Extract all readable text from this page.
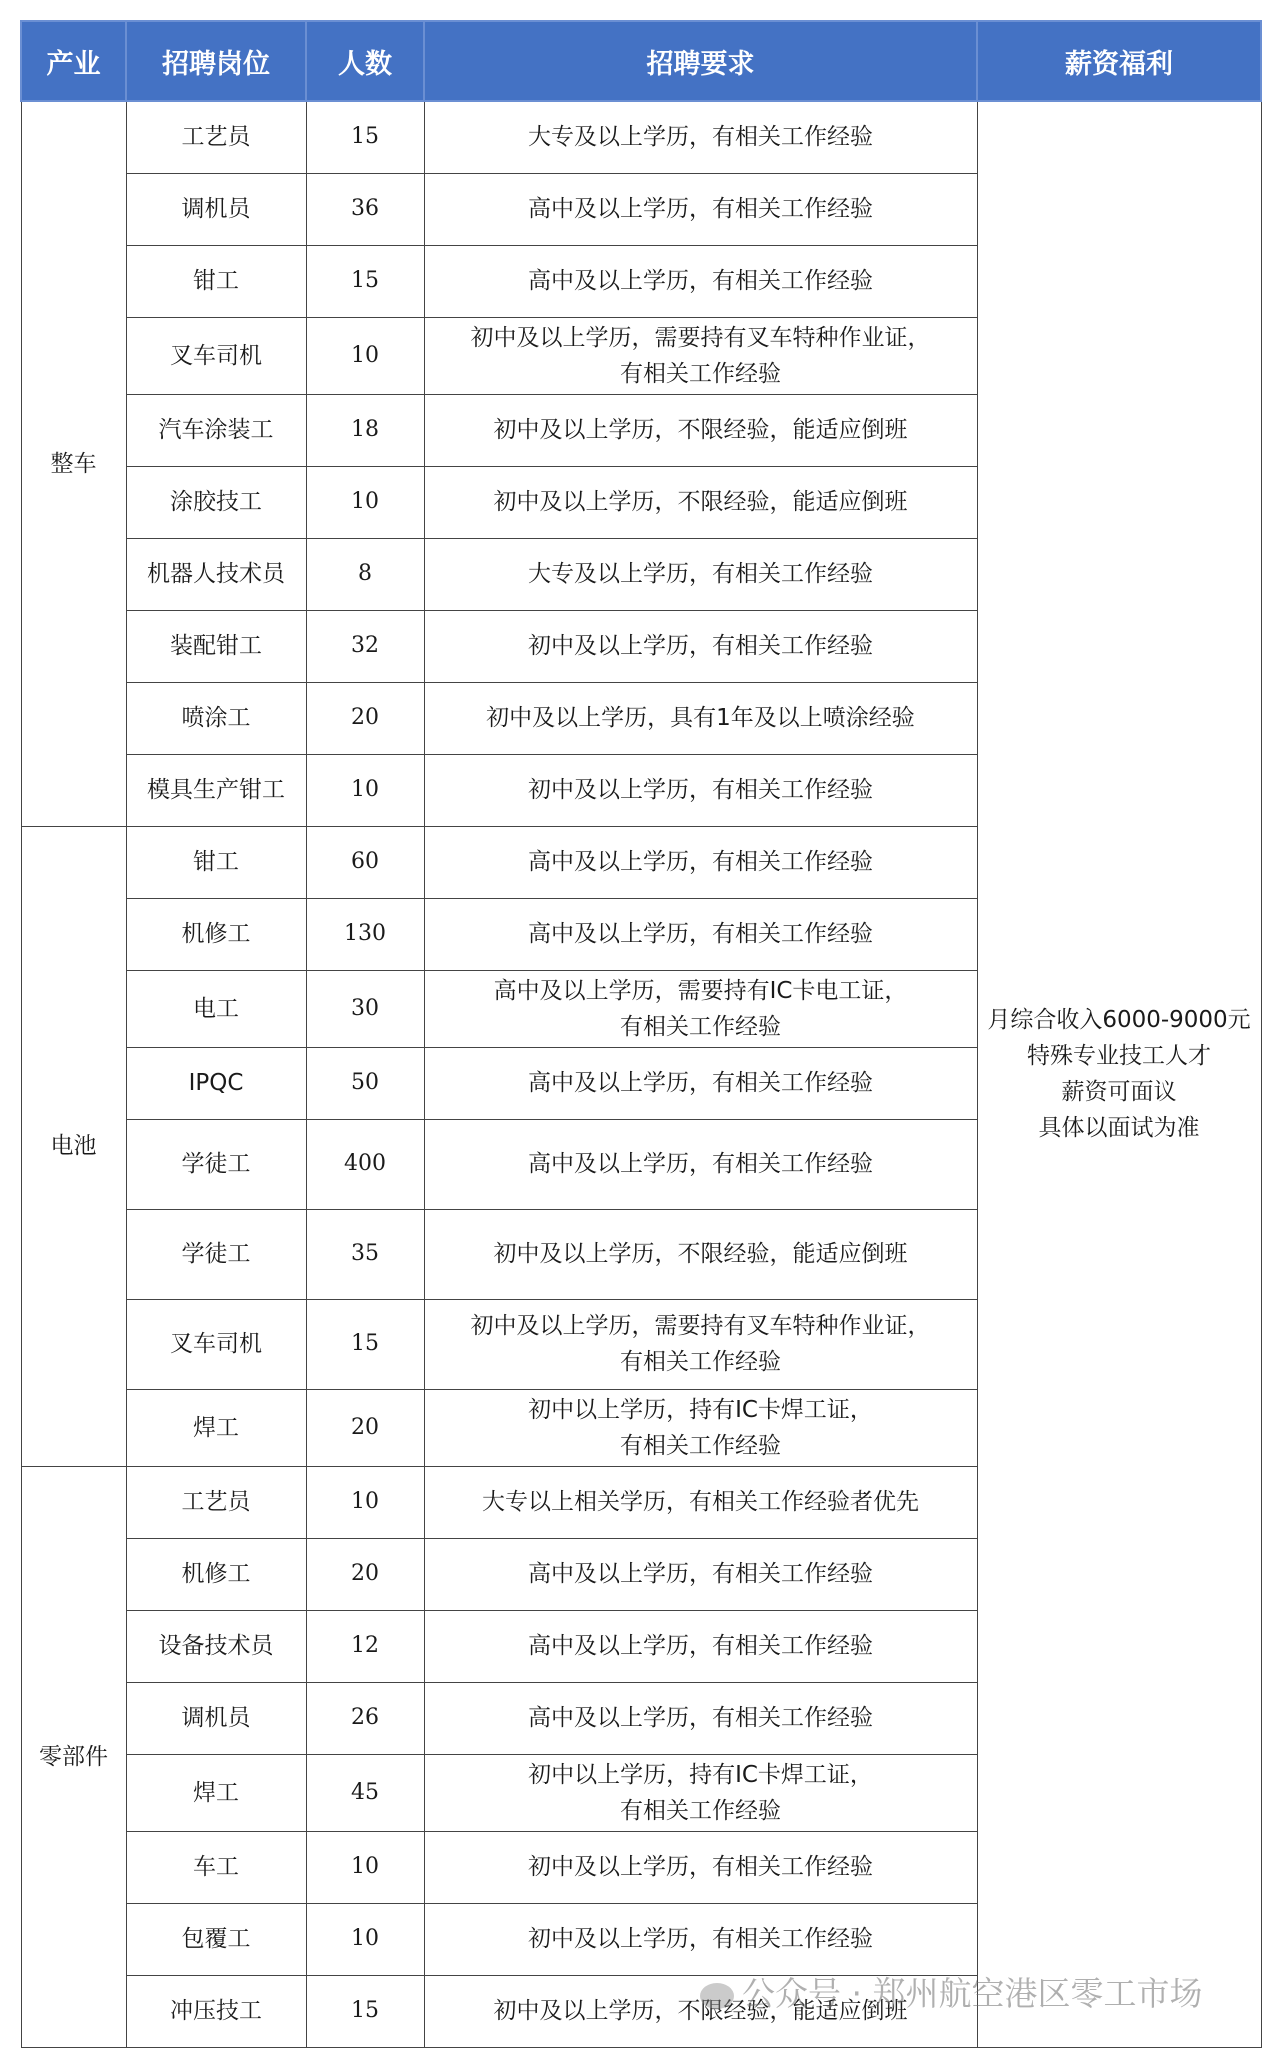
产业	招聘岗位	人数	招聘要求	薪资福利
整车	工艺员	15	大专及以上学历，有相关工作经验	月综合收入6000-9000元
特殊专业技工人才
薪资可面议
具体以面试为准

	调机员	36	高中及以上学历，有相关工作经验	

	钳工	15	高中及以上学历，有相关工作经验	

	叉车司机	10	初中及以上学历，需要持有叉车特种作业证，
有相关工作经验	

	汽车涂装工	18	初中及以上学历，不限经验，能适应倒班	

	涂胶技工	10	初中及以上学历，不限经验，能适应倒班	

	机器人技术员	8	大专及以上学历，有相关工作经验	

	装配钳工	32	初中及以上学历，有相关工作经验	

	喷涂工	20	初中及以上学历，具有1年及以上喷涂经验	

	模具生产钳工	10	初中及以上学历，有相关工作经验	

电池	钳工	60	高中及以上学历，有相关工作经验	

	机修工	130	高中及以上学历，有相关工作经验	

	电工	30	高中及以上学历，需要持有IC卡电工证，
有相关工作经验	

	IPQC	50	高中及以上学历，有相关工作经验	

	学徒工	400	高中及以上学历，有相关工作经验	

	学徒工	35	初中及以上学历，不限经验，能适应倒班	

	叉车司机	15	初中及以上学历，需要持有叉车特种作业证，
有相关工作经验	

	焊工	20	初中以上学历，持有IC卡焊工证，
有相关工作经验	

零部件	工艺员	10	大专以上相关学历，有相关工作经验者优先	

	机修工	20	高中及以上学历，有相关工作经验	

	设备技术员	12	高中及以上学历，有相关工作经验	

	调机员	26	高中及以上学历，有相关工作经验	

	焊工	45	初中以上学历，持有IC卡焊工证，
有相关工作经验	

	车工	10	初中及以上学历，有相关工作经验	

	包覆工	10	初中及以上学历，有相关工作经验	

	冲压技工	15	初中及以上学历，不限经验，能适应倒班	
公众号 · 郑州航空港区零工市场
